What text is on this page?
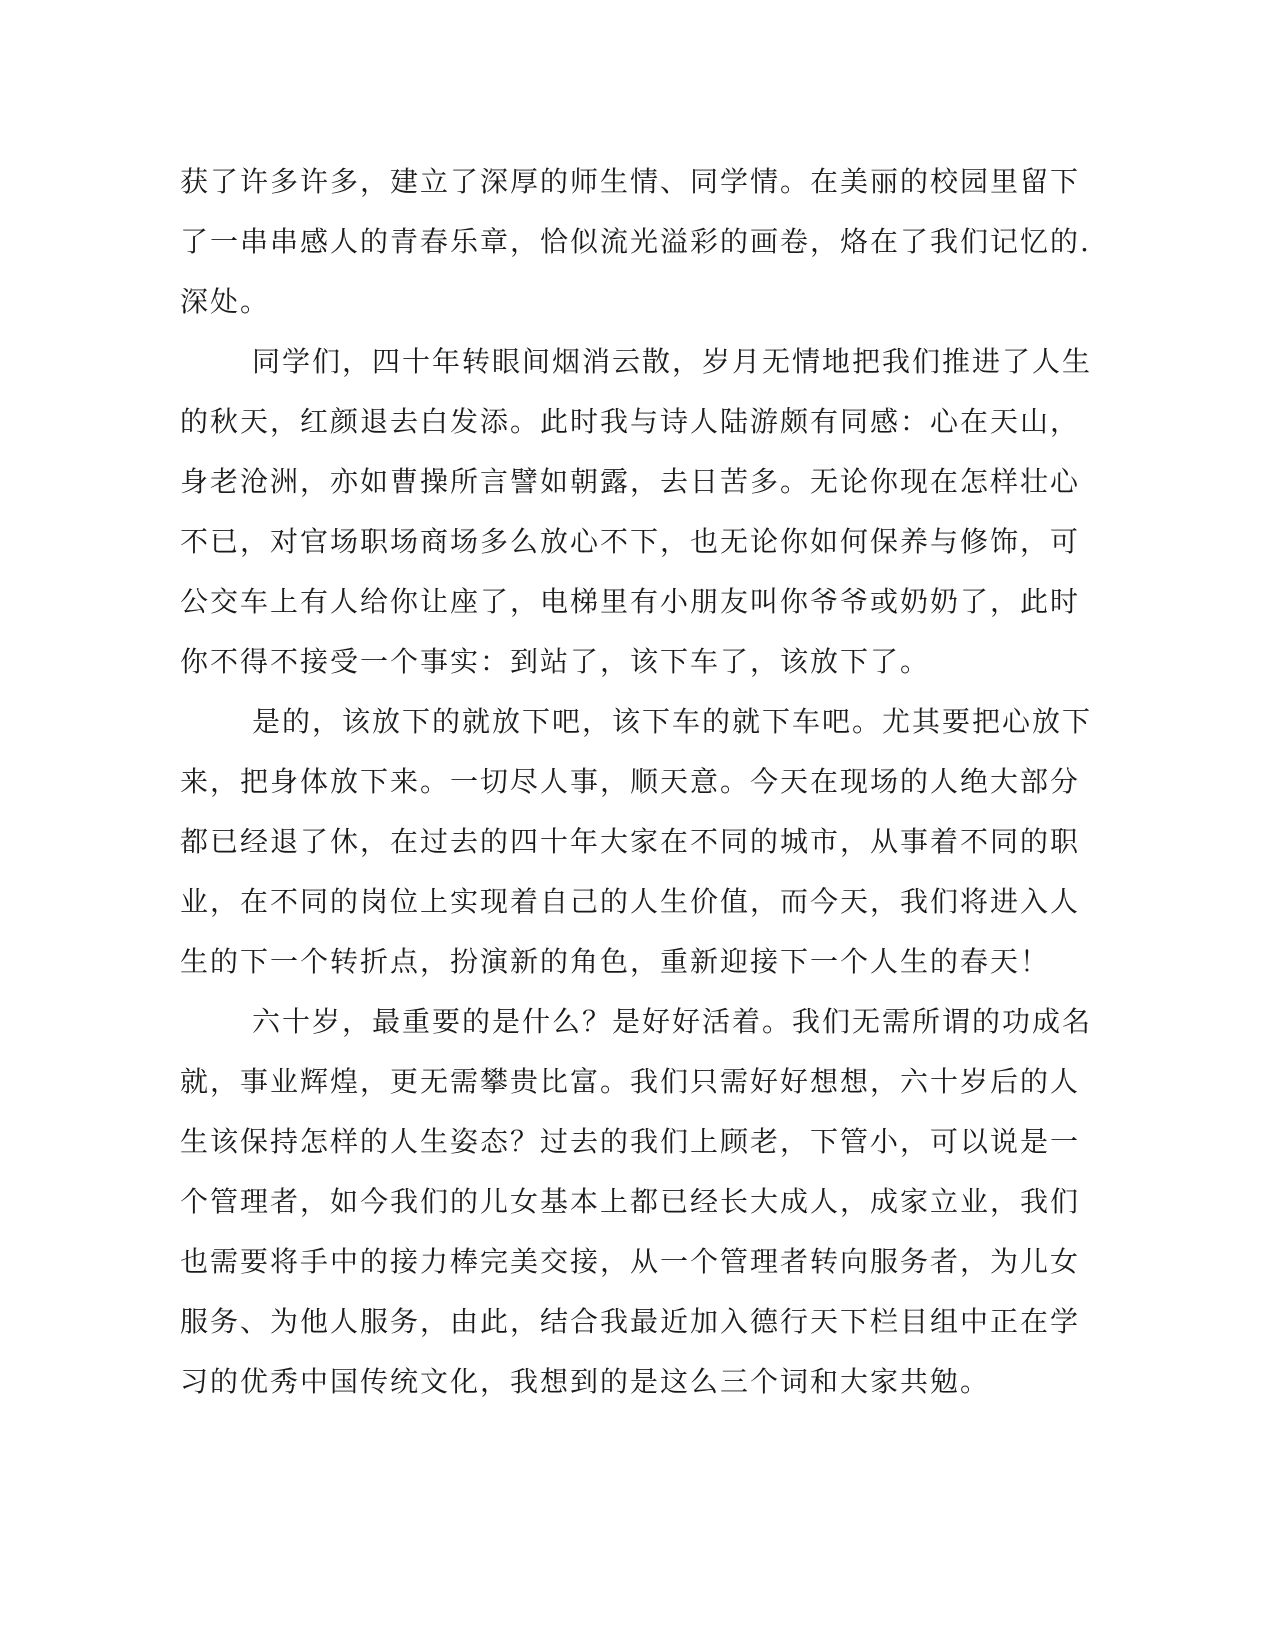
获了许多许多，建立了深厚的师生情、同学情。在美丽的校园里留下
了一串串感人的青春乐章，恰似流光溢彩的画卷，烙在了我们记忆的.
深处。
同学们，四十年转眼间烟消云散，岁月无情地把我们推进了人生
的秋天，红颜退去白发添。此时我与诗人陆游颇有同感：心在天山，
身老沧洲，亦如曹操所言譬如朝露，去日苦多。无论你现在怎样壮心
不已，对官场职场商场多么放心不下，也无论你如何保养与修饰，可
公交车上有人给你让座了，电梯里有小朋友叫你爷爷或奶奶了，此时
你不得不接受一个事实：到站了，该下车了，该放下了。
是的，该放下的就放下吧，该下车的就下车吧。尤其要把心放下
来，把身体放下来。一切尽人事，顺天意。今天在现场的人绝大部分
都已经退了休，在过去的四十年大家在不同的城市，从事着不同的职
业，在不同的岗位上实现着自己的人生价值，而今天，我们将进入人
生的下一个转折点，扮演新的角色，重新迎接下一个人生的春天！
六十岁，最重要的是什么？是好好活着。我们无需所谓的功成名
就，事业辉煌，更无需攀贵比富。我们只需好好想想，六十岁后的人
生该保持怎样的人生姿态？过去的我们上顾老，下管小，可以说是一
个管理者，如今我们的儿女基本上都已经长大成人，成家立业，我们
也需要将手中的接力棒完美交接，从一个管理者转向服务者，为儿女
服务、为他人服务，由此，结合我最近加入德行天下栏目组中正在学
习的优秀中国传统文化，我想到的是这么三个词和大家共勉。
